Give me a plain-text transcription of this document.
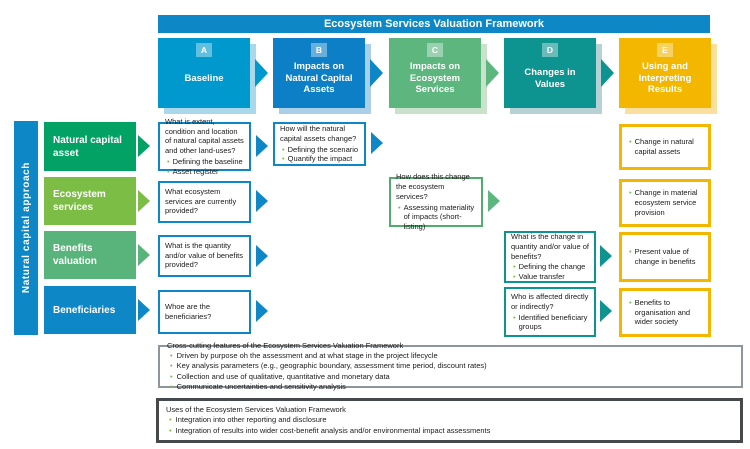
Ecosystem Services Valuation Framework
A
Baseline
B
Impacts on Natural Capital Assets
C
Impacts on Ecosystem Services
D
Changes in Values
E
Using and Interpreting Results
Natural capital approach
Natural capital asset
Ecosystem services
Benefits valuation
Beneficiaries

What is extent, condition and location of natural capital assets and other land-uses?

• Defining the baseline
• Asset register

How will the natural capital assets change?

• Defining the scenario
• Quantify the impact
• Change in natural capital assets

What ecosystem services are currently provided?

How does this change the ecosystem services?

• Assessing materiality of impacts (short-listing)
• Change in material ecosystem service provision

What is the quantity and/or value of benefits provided?

What is the change in quantity and/or value of benefits?

• Defining the change
• Value transfer
• Present value of change in benefits

Whoe are the beneficiaries?

Who is affected directly or indirectly?

• Identified beneficiary groups
• Benefits to organisation and wider society

Cross-cutting features of the Ecosystem Services Valuation Framework

• Driven by purpose oh the assessment and at what stage in the project lifecycle
• Key analysis parameters (e.g., geographic boundary, assessment time period, discount rates)
• Collection and use of qualitative, quantitative and monetary data
• Communicate uncertainties and sensitivity analysis

Uses of the Ecosystem Services Valuation Framework

• Integration into other reporting and disclosure
• Integration of results into wider cost-benefit analysis and/or environmental impact assessments
